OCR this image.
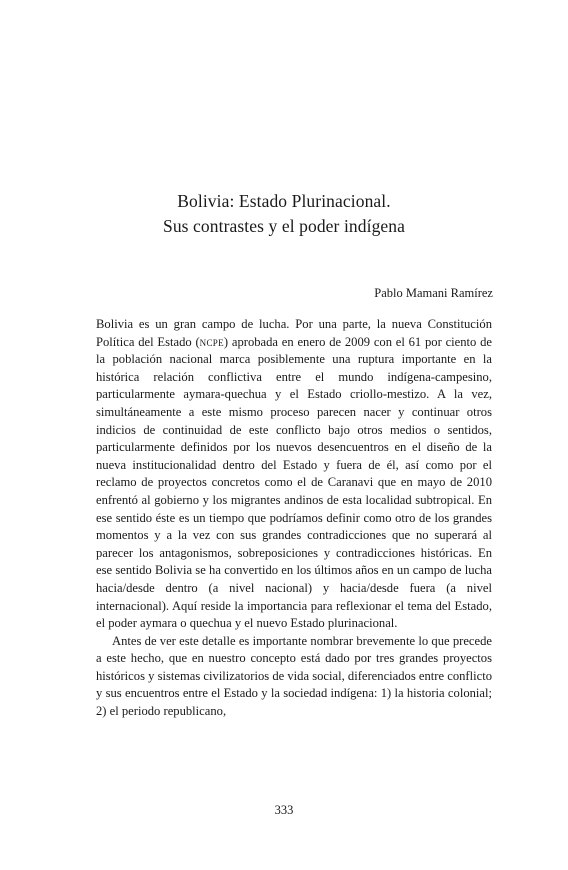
Bolivia: Estado Plurinacional.
Sus contrastes y el poder indígena
Pablo Mamani Ramírez

Bolivia es un gran campo de lucha. Por una parte, la nueva Constitución Política del Estado (ncpe) aprobada en enero de 2009 con el 61 por ciento de la población nacional marca posiblemente una ruptura importante en la histórica relación conflictiva entre el mundo indígena-campesino, particularmente aymara-quechua y el Estado criollo-mestizo. A la vez, simultáneamente a este mismo proceso parecen nacer y continuar otros indicios de continuidad de este conflicto bajo otros medios o sentidos, particularmente definidos por los nuevos desencuentros en el diseño de la nueva institucionalidad dentro del Estado y fuera de él, así como por el reclamo de proyectos concretos como el de Caranavi que en mayo de 2010 enfrentó al gobierno y los migrantes andinos de esta localidad subtropical. En ese sentido éste es un tiempo que podríamos definir como otro de los grandes momentos y a la vez con sus grandes contradicciones que no superará al parecer los antagonismos, sobreposiciones y contradicciones históricas. En ese sentido Bolivia se ha convertido en los últimos años en un campo de lucha hacia/desde dentro (a nivel nacional) y hacia/desde fuera (a nivel internacional). Aquí reside la importancia para reflexionar el tema del Estado, el poder aymara o quechua y el nuevo Estado plurinacional.

Antes de ver este detalle es importante nombrar brevemente lo que precede a este hecho, que en nuestro concepto está dado por tres grandes proyectos históricos y sistemas civilizatorios de vida social, diferenciados entre conflicto y sus encuentros entre el Estado y la sociedad indígena: 1) la historia colonial; 2) el periodo republicano,

333
